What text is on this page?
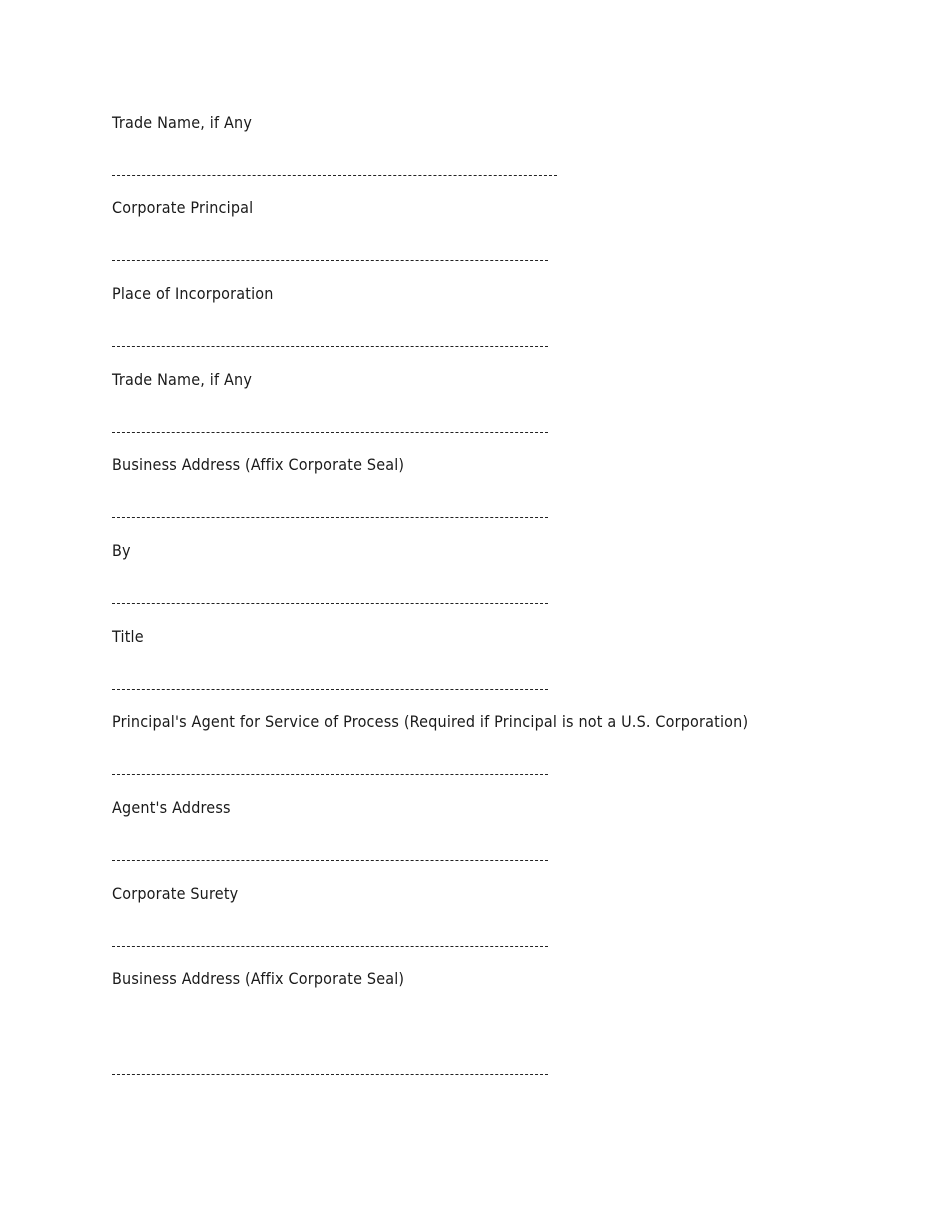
Trade Name, if Any
Corporate Principal
Place of Incorporation
Trade Name, if Any
Business Address (Affix Corporate Seal)
By
Title
Principal's Agent for Service of Process (Required if Principal is not a U.S. Corporation)
Agent's Address
Corporate Surety
Business Address (Affix Corporate Seal)
